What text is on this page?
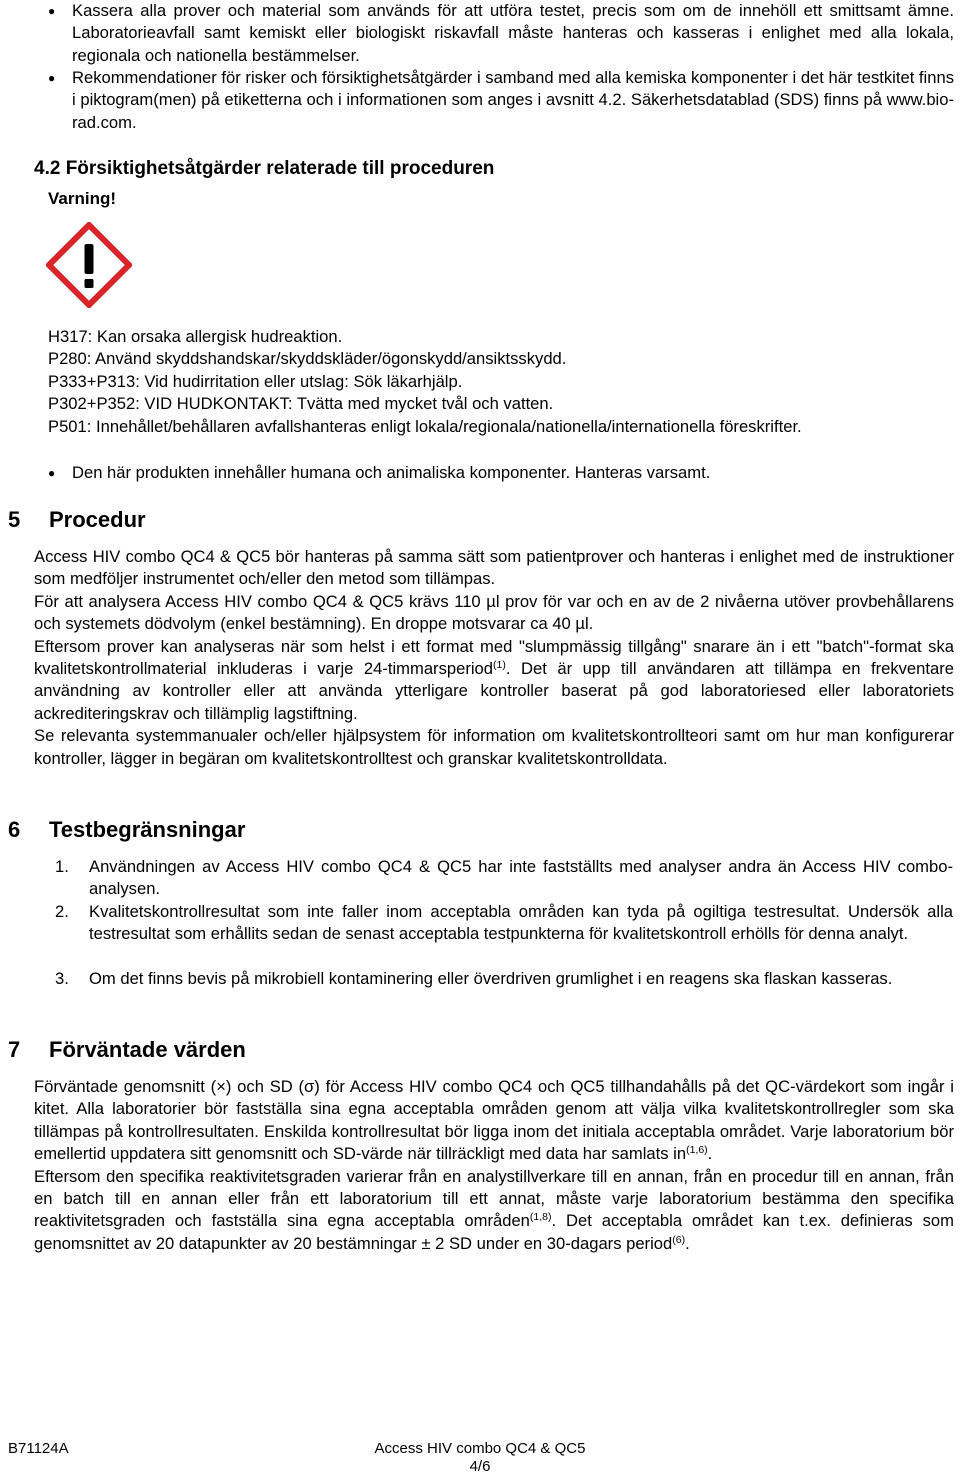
● Kassera alla prover och material som används för att utföra testet, precis som om de innehöll ett smittsamt ämne. Laboratorieavfall samt kemiskt eller biologiskt riskavfall måste hanteras och kasseras i enlighet med alla lokala, regionala och nationella bestämmelser.
● Rekommendationer för risker och försiktighetsåtgärder i samband med alla kemiska komponenter i det här testkitet finns i piktogram(men) på etiketterna och i informationen som anges i avsnitt 4.2. Säkerhetsdatablad (SDS) finns på www.bio-rad.com.
4.2 Försiktighetsåtgärder relaterade till proceduren
Varning!
H317: Kan orsaka allergisk hudreaktion.
P280: Använd skyddshandskar/skyddskläder/ögonskydd/ansiktsskydd.
P333+P313: Vid hudirritation eller utslag: Sök läkarhjälp.
P302+P352: VID HUDKONTAKT: Tvätta med mycket tvål och vatten.
P501: Innehållet/behållaren avfallshanteras enligt lokala/regionala/nationella/internationella föreskrifter.
● Den här produkten innehåller humana och animaliska komponenter. Hanteras varsamt.
5 Procedur
Access HIV combo QC4 & QC5 bör hanteras på samma sätt som patientprover och hanteras i enlighet med de instruktioner som medföljer instrumentet och/eller den metod som tillämpas.
För att analysera Access HIV combo QC4 & QC5 krävs 110 µl prov för var och en av de 2 nivåerna utöver provbehållarens och systemets dödvolym (enkel bestämning). En droppe motsvarar ca 40 µl.
Eftersom prover kan analyseras när som helst i ett format med "slumpmässig tillgång" snarare än i ett "batch"-format ska kvalitetskontrollmaterial inkluderas i varje 24-timmarsperiod$^{(1)}$. Det är upp till användaren att tillämpa en frekventare användning av kontroller eller att använda ytterligare kontroller baserat på god laboratoriesed eller laboratoriets ackrediteringskrav och tillämplig lagstiftning.
Se relevanta systemmanualer och/eller hjälpsystem för information om kvalitetskontrollteori samt om hur man konfigurerar kontroller, lägger in begäran om kvalitetskontrolltest och granskar kvalitetskontrolldata.
6 Testbegränsningar
1. Användningen av Access HIV combo QC4 & QC5 har inte fastställts med analyser andra än Access HIV combo-analysen.
2. Kvalitetskontrollresultat som inte faller inom acceptabla områden kan tyda på ogiltiga testresultat. Undersök alla testresultat som erhållits sedan de senast acceptabla testpunkterna för kvalitetskontroll erhölls för denna analyt.
3. Om det finns bevis på mikrobiell kontaminering eller överdriven grumlighet i en reagens ska flaskan kasseras.
7 Förväntade värden
Förväntade genomsnitt (×) och SD (σ) för Access HIV combo QC4 och QC5 tillhandahålls på det QC-värdekort som ingår i kitet. Alla laboratorier bör fastställa sina egna acceptabla områden genom att välja vilka kvalitetskontrollregler som ska tillämpas på kontrollresultaten. Enskilda kontrollresultat bör ligga inom det initiala acceptabla området. Varje laboratorium bör emellertid uppdatera sitt genomsnitt och SD-värde när tillräckligt med data har samlats in$^{(1,6)}$.
Eftersom den specifika reaktivitetsgraden varierar från en analystillverkare till en annan, från en procedur till en annan, från en batch till en annan eller från ett laboratorium till ett annat, måste varje laboratorium bestämma den specifika reaktivitetsgraden och fastställa sina egna acceptabla områden$^{(1,8)}$. Det acceptabla området kan t.ex. definieras som genomsnittet av 20 datapunkter av 20 bestämningar ± 2 SD under en 30-dagars period$^{(6)}$.
B71124A	Access HIV combo QC4 & QC5
4/6
